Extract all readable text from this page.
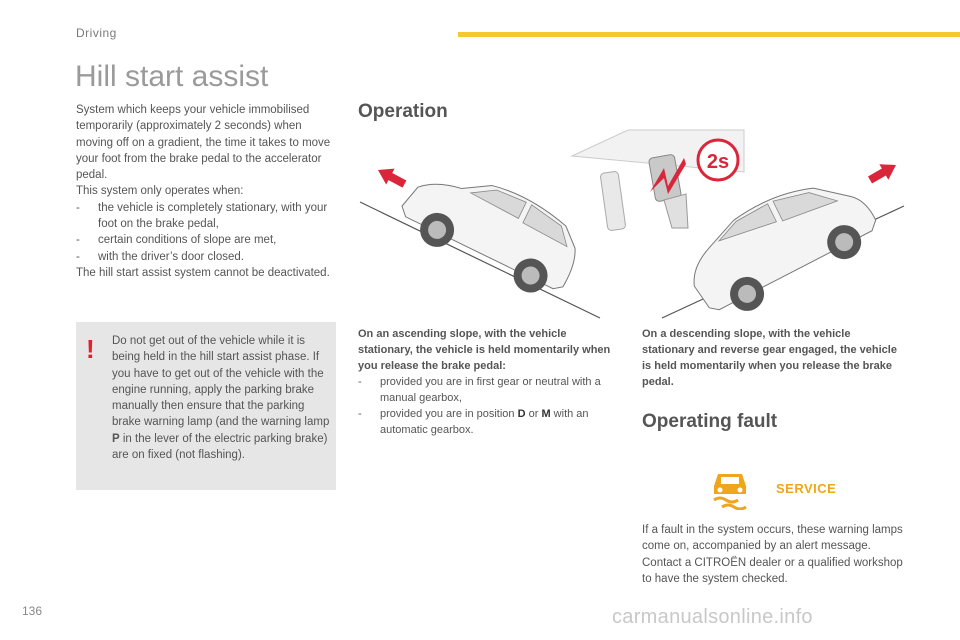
Driving
Hill start assist

System which keeps your vehicle immobilised temporarily (approximately 2 seconds) when moving off on a gradient, the time it takes to move your foot from the brake pedal to the accelerator pedal.

This system only operates when:

- the vehicle is completely stationary, with your foot on the brake pedal,
- certain conditions of slope are met,
- with the driver’s door closed.

The hill start assist system cannot be deactivated.

! Do not get out of the vehicle while it is being held in the hill start assist phase. If you have to get out of the vehicle with the engine running, apply the parking brake manually then ensure that the parking brake warning lamp (and the warning lamp P in the lever of the electric parking brake) are on fixed (not flashing).
Operation
2s

On an ascending slope, with the vehicle stationary, the vehicle is held momentarily when you release the brake pedal:

- provided you are in first gear or neutral with a manual gearbox,
- provided you are in position D or M with an automatic gearbox.

On a descending slope, with the vehicle stationary and reverse gear engaged, the vehicle is held momentarily when you release the brake pedal.

Operating fault
SERVICE

If a fault in the system occurs, these warning lamps come on, accompanied by an alert message. Contact a CITROËN dealer or a qualified workshop to have the system checked.

136	carmanualsonline.info
